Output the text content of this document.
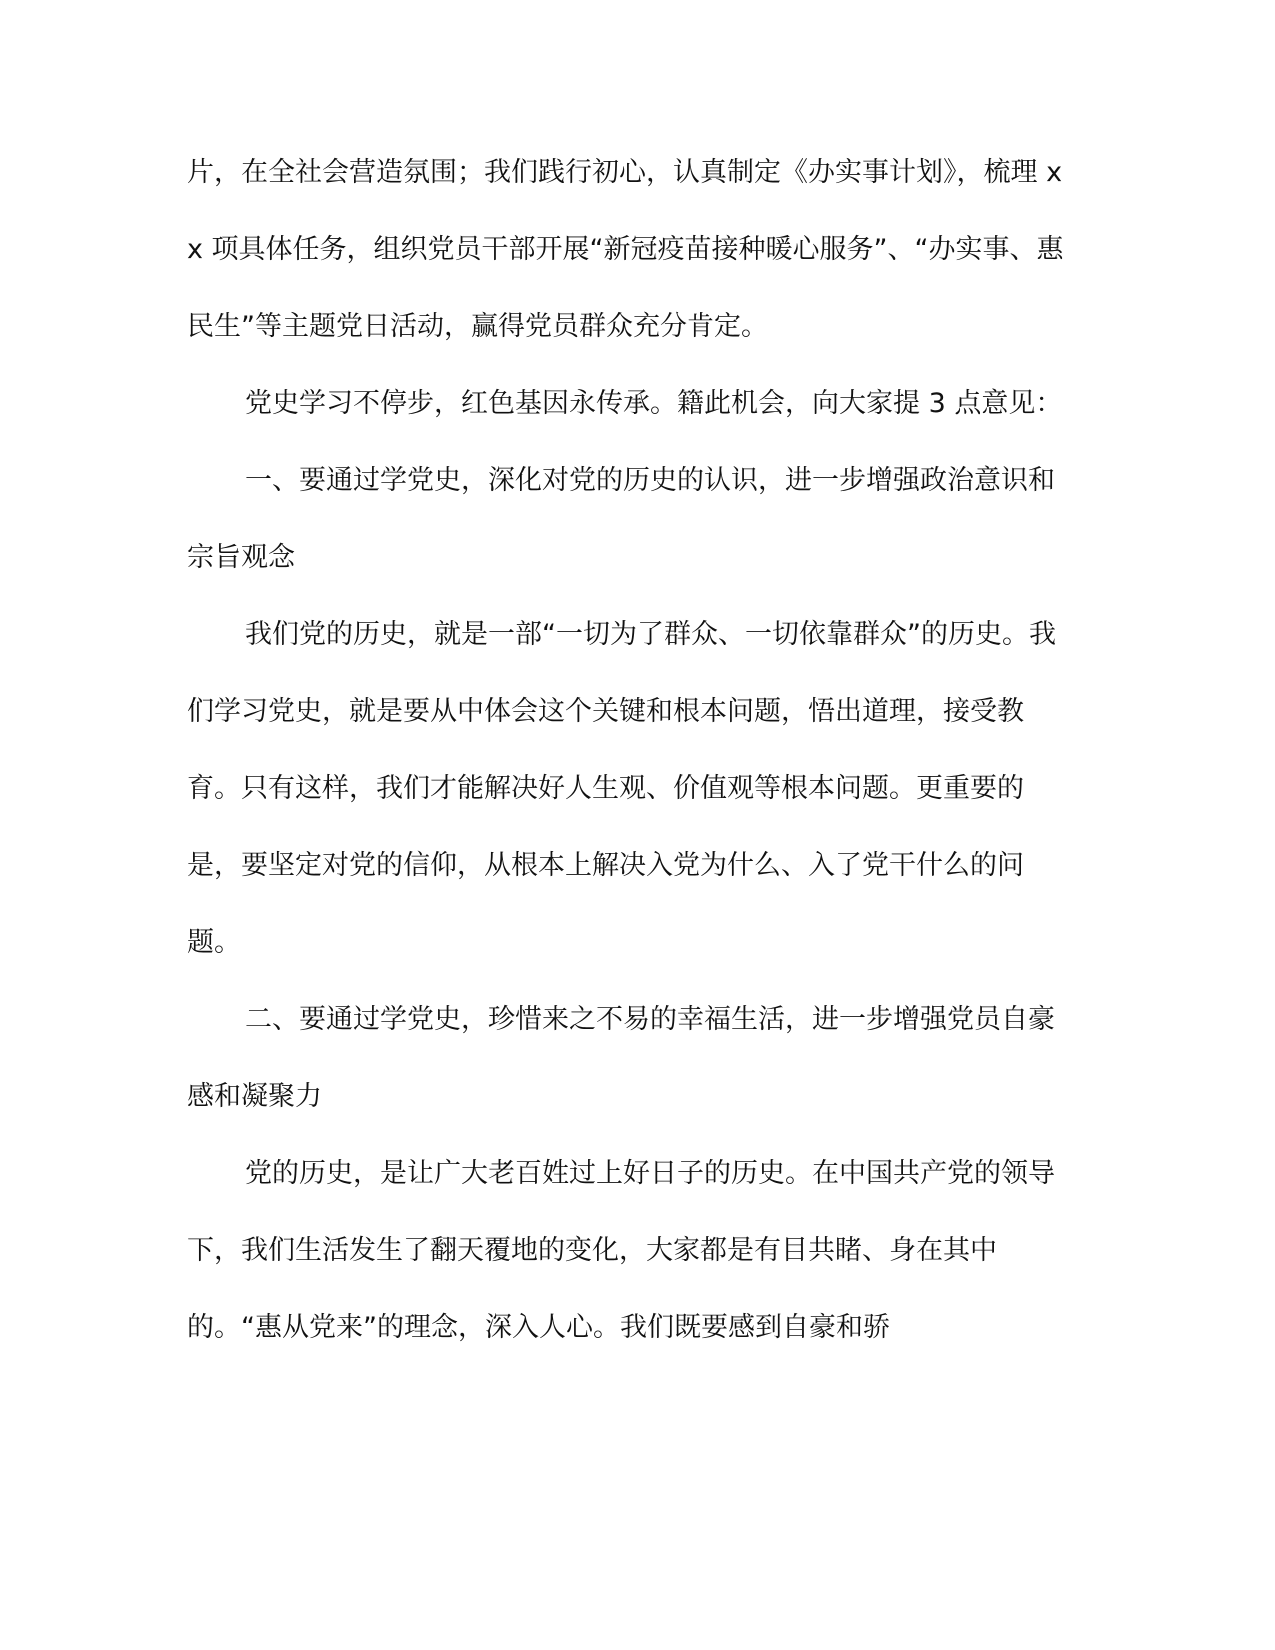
片，在全社会营造氛围；我们践行初心，认真制定《办实事计划》，梳理 xx 项具体任务，组织党员干部开展“新冠疫苗接种暖心服务”、“办实事、惠民生”等主题党日活动，赢得党员群众充分肯定。

党史学习不停步，红色基因永传承。籍此机会，向大家提 3 点意见：

一、要通过学党史，深化对党的历史的认识，进一步增强政治意识和宗旨观念

我们党的历史，就是一部“一切为了群众、一切依靠群众”的历史。我们学习党史，就是要从中体会这个关键和根本问题，悟出道理，接受教育。只有这样，我们才能解决好人生观、价值观等根本问题。更重要的是，要坚定对党的信仰，从根本上解决入党为什么、入了党干什么的问题。

二、要通过学党史，珍惜来之不易的幸福生活，进一步增强党员自豪感和凝聚力

党的历史，是让广大老百姓过上好日子的历史。在中国共产党的领导下，我们生活发生了翻天覆地的变化，大家都是有目共睹、身在其中的。“惠从党来”的理念，深入人心。我们既要感到自豪和骄
